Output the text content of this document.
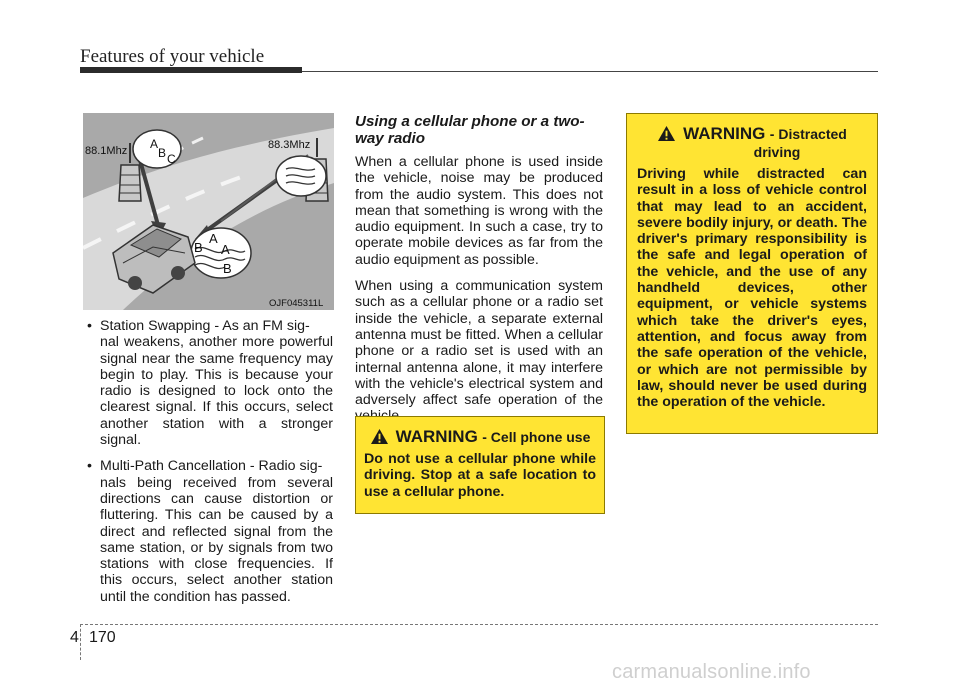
Features of your vehicle
88.1Mhz	88.3Mhz
A
B C
A
B A
B
OJF045311L
• Station Swapping - As an FM sig-
nal weakens, another more powerful signal near the same frequency may begin to play. This is because your radio is designed to lock onto the clearest signal. If this occurs, select another station with a stronger signal.
• Multi-Path Cancellation - Radio sig-
nals being received from several directions can cause distortion or fluttering. This can be caused by a direct and reflected signal from the same station, or by signals from two stations with close frequencies. If this occurs, select another station until the condition has passed.
Using a cellular phone or a two-way radio

When a cellular phone is used inside the vehicle, noise may be produced from the audio system. This does not mean that something is wrong with the audio equipment. In such a case, try to operate mobile devices as far from the audio equipment as possible.

When using a communication system such as a cellular phone or a radio set inside the vehicle, a separate external antenna must be fitted. When a cellular phone or a radio set is used with an internal antenna alone, it may interfere with the vehicle's electrical system and adversely affect safe operation of the

WARNING - Cell phone use

Do not use a cellular phone while driving. Stop at a safe location to use a cellular phone.

WARNING - Distracted
driving

Driving while distracted can result in a loss of vehicle control that may lead to an accident, severe bodily injury, or death. The driver's primary responsibility is the safe and legal operation of the vehicle, and the use of any handheld devices, other equipment, or vehicle systems which take the driver's eyes, attention, and focus away from the safe operation of the vehicle, or which are not permissible by law, should never be used during the operation of the vehicle.

4 170
carmanualsonline.info
